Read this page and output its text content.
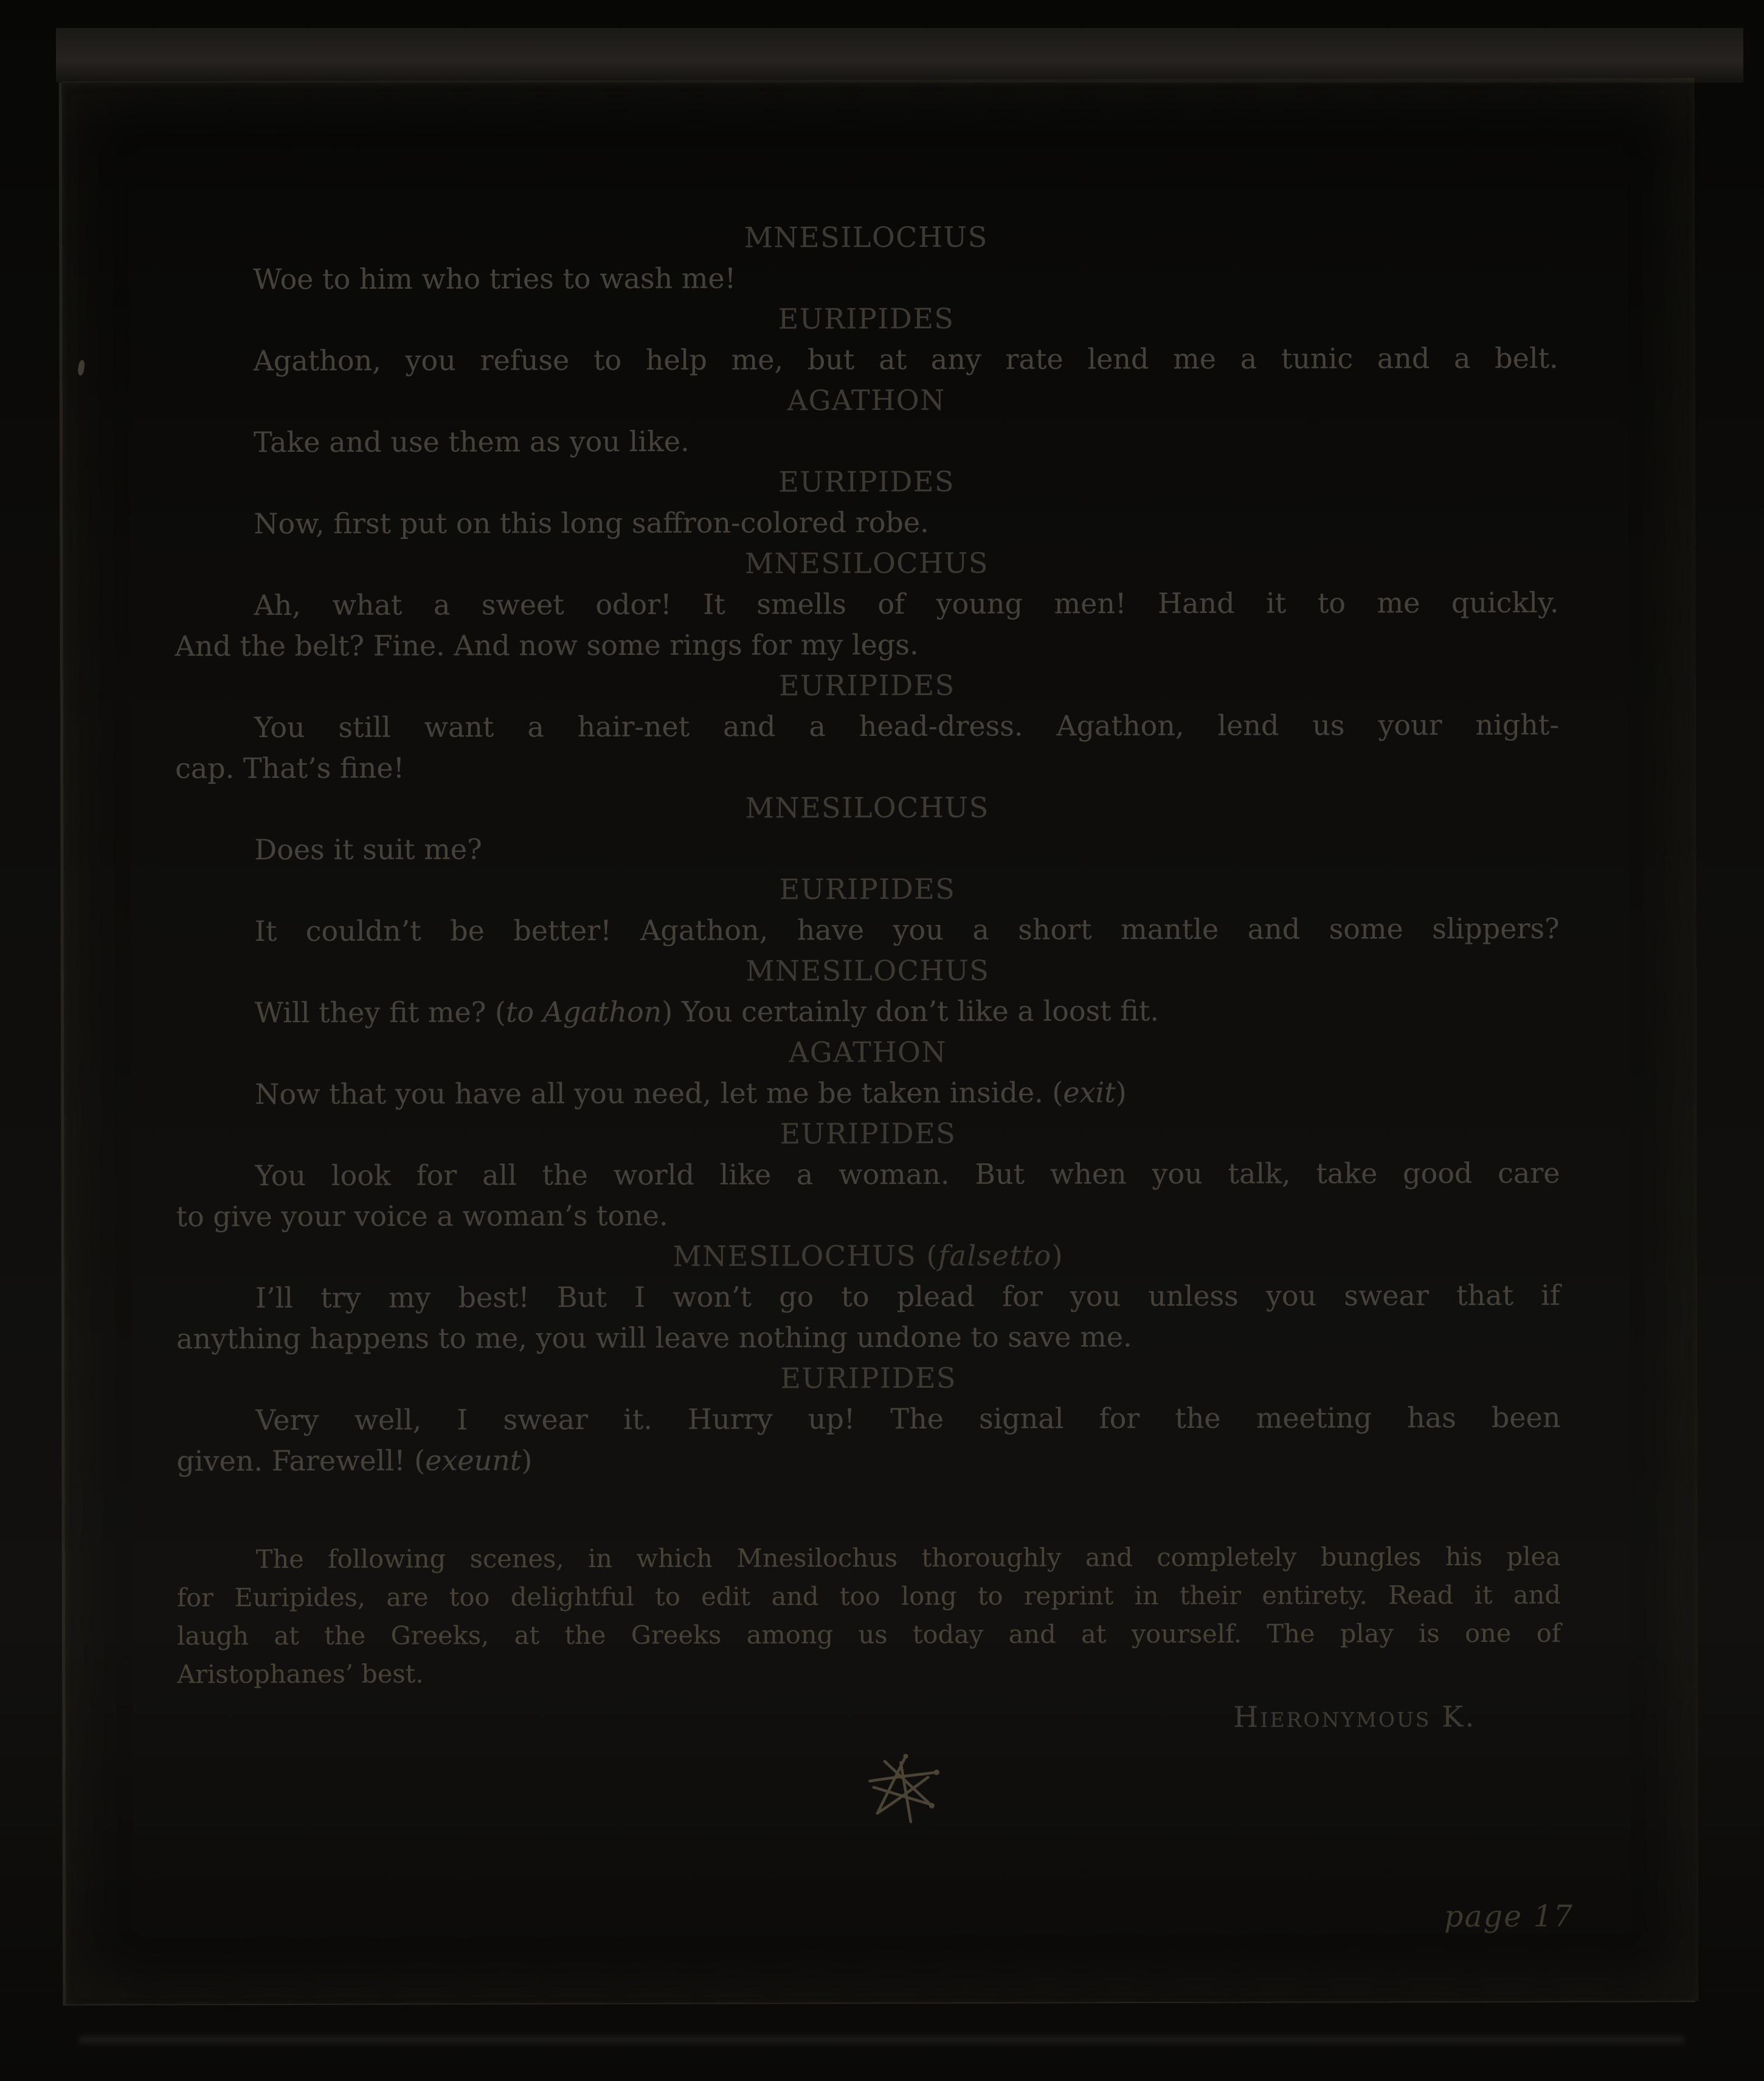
MNESILOCHUS
Woe to him who tries to wash me!
EURIPIDES
Agathon, you refuse to help me, but at any rate lend me a tunic and a belt.
AGATHON
Take and use them as you like.
EURIPIDES
Now, first put on this long saffron-colored robe.
MNESILOCHUS
Ah, what a sweet odor! It smells of young men! Hand it to me quickly.
And the belt? Fine. And now some rings for my legs.
EURIPIDES
You still want a hair-net and a head-dress. Agathon, lend us your night-
cap. That’s fine!
MNESILOCHUS
Does it suit me?
EURIPIDES
It couldn’t be better! Agathon, have you a short mantle and some slippers?
MNESILOCHUS
Will they fit me? (to Agathon) You certainly don’t like a loost fit.
AGATHON
Now that you have all you need, let me be taken inside. (exit)
EURIPIDES
You look for all the world like a woman. But when you talk, take good care
to give your voice a woman’s tone.
MNESILOCHUS (falsetto)
I’ll try my best! But I won’t go to plead for you unless you swear that if
anything happens to me, you will leave nothing undone to save me.
EURIPIDES
Very well, I swear it. Hurry up! The signal for the meeting has been
given. Farewell! (exeunt)
The following scenes, in which Mnesilochus thoroughly and completely bungles his plea
for Euripides, are too delightful to edit and too long to reprint in their entirety. Read it and
laugh at the Greeks, at the Greeks among us today and at yourself. The play is one of
Aristophanes’ best.
Hieronymous K.
page 17
